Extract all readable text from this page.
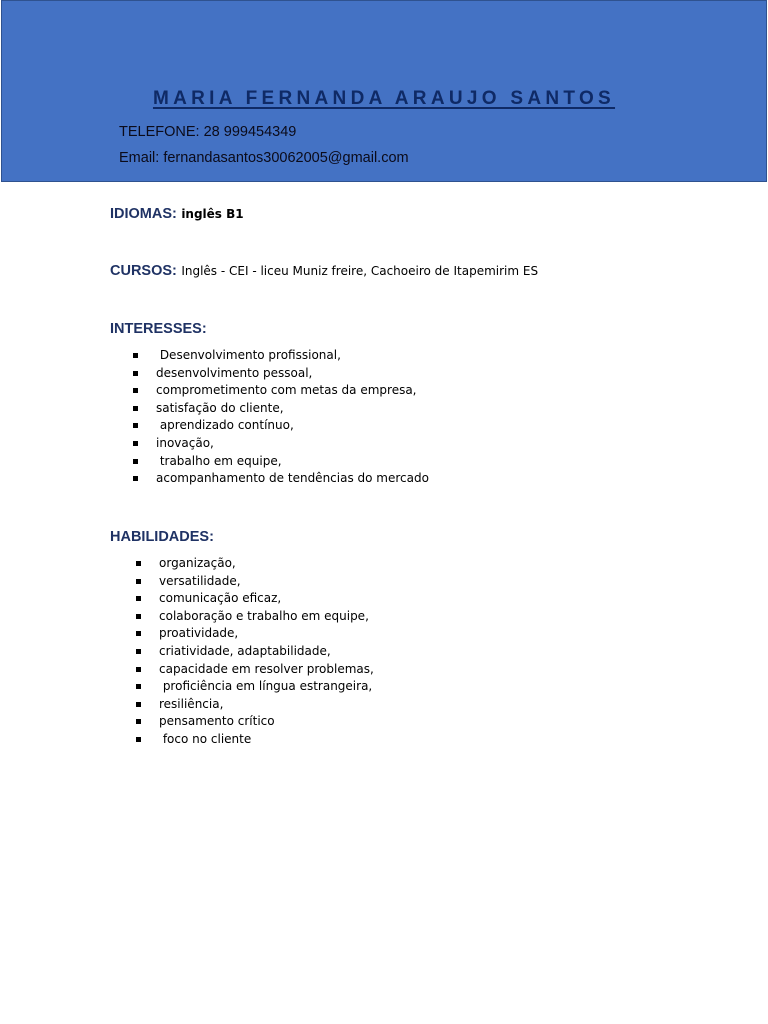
MARIA FERNANDA ARAUJO SANTOS
TELEFONE: 28 999454349
Email: fernandasantos30062005@gmail.com
IDIOMAS: inglês B1
CURSOS: Inglês - CEI - liceu Muniz freire, Cachoeiro de Itapemirim ES
INTERESSES:
Desenvolvimento profissional,
desenvolvimento pessoal,
comprometimento com metas da empresa,
satisfação do cliente,
aprendizado contínuo,
inovação,
trabalho em equipe,
acompanhamento de tendências do mercado
HABILIDADES:
organização,
versatilidade,
comunicação eficaz,
colaboração e trabalho em equipe,
proatividade,
criatividade, adaptabilidade,
capacidade em resolver problemas,
proficiência em língua estrangeira,
resiliência,
pensamento crítico
foco no cliente
